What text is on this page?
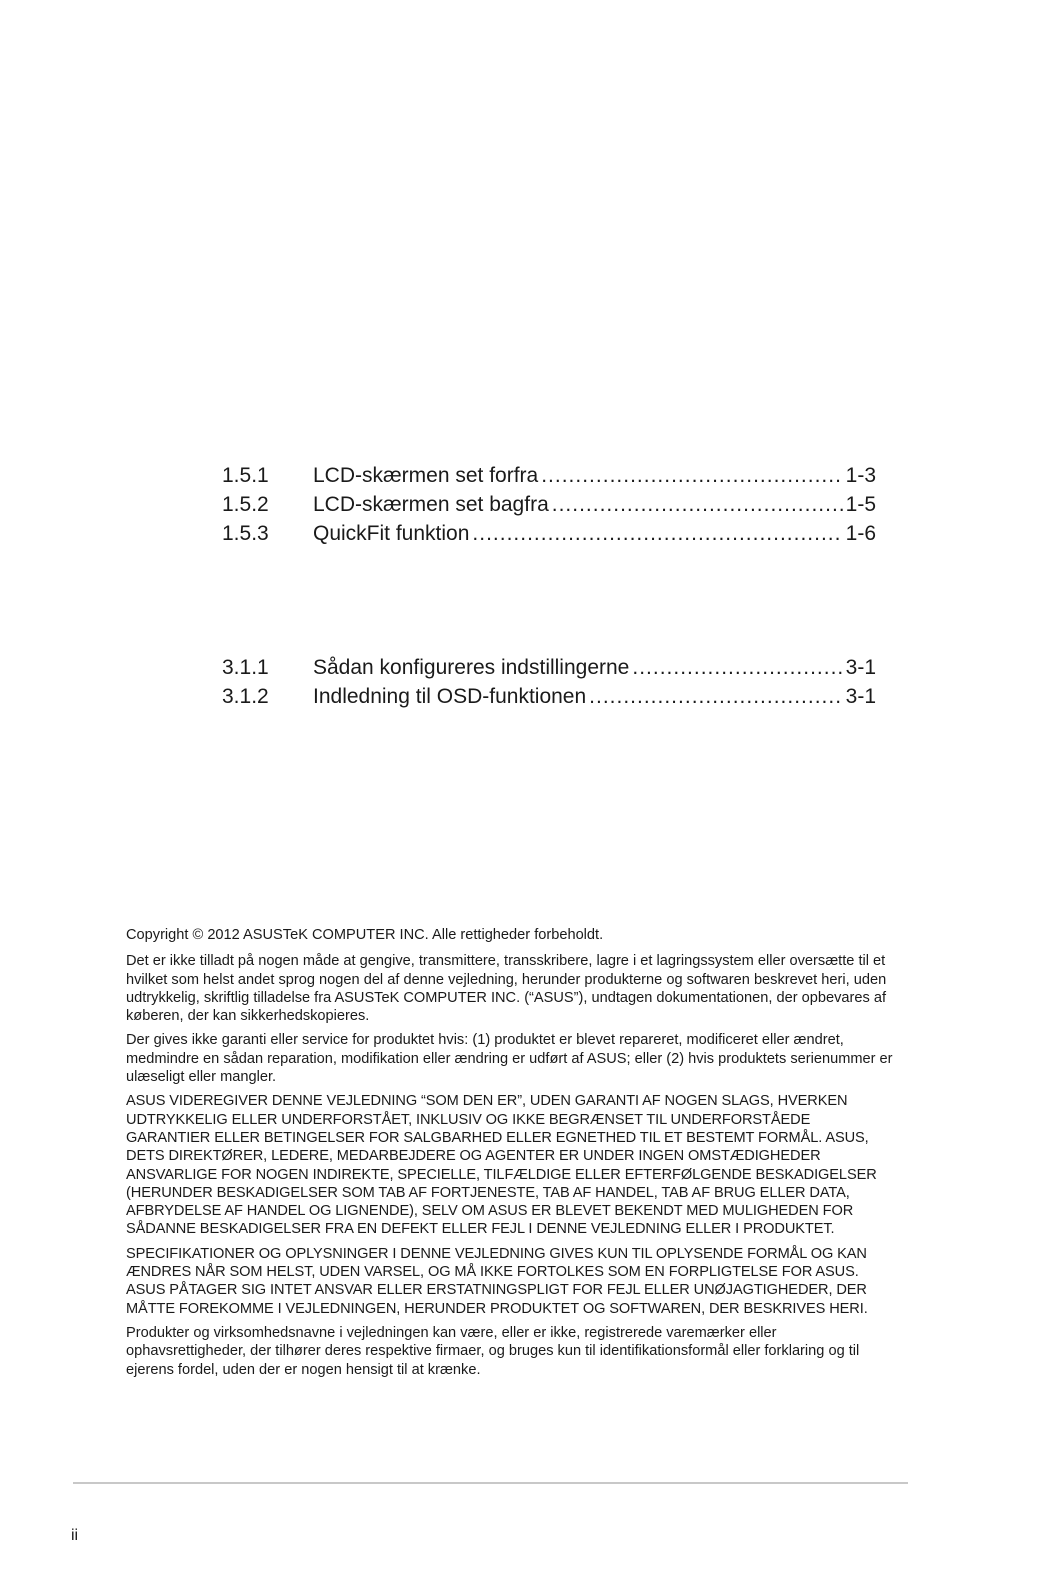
1.5.1	LCD-skærmen set forfra .....	1-3
1.5.2	LCD-skærmen set bagfra .....	1-5
1.5.3	QuickFit funktion .....	1-6
3.1.1	Sådan konfigureres indstillingerne .....	3-1
3.1.2	Indledning til OSD-funktionen .....	3-1

Copyright © 2012 ASUSTeK COMPUTER INC. Alle rettigheder forbeholdt.

Det er ikke tilladt på nogen måde at gengive, transmittere, transskribere, lagre i et lagringssystem eller oversætte til et hvilket som helst andet sprog nogen del af denne vejledning, herunder produkterne og softwaren beskrevet heri, uden udtrykkelig, skriftlig tilladelse fra ASUSTeK COMPUTER INC. (“ASUS”), undtagen dokumentationen, der opbevares af køberen, der kan sikkerhedskopieres.

Der gives ikke garanti eller service for produktet hvis: (1) produktet er blevet repareret, modificeret eller ændret, medmindre en sådan reparation, modifikation eller ændring er udført af ASUS; eller (2) hvis produktets serienummer er ulæseligt eller mangler.

ASUS VIDEREGIVER DENNE VEJLEDNING “SOM DEN ER”, UDEN GARANTI AF NOGEN SLAGS, HVERKEN UDTRYKKELIG ELLER UNDERFORSTÅET, INKLUSIV OG IKKE BEGRÆNSET TIL UNDERFORSTÅEDE GARANTIER ELLER BETINGELSER FOR SALGBARHED ELLER EGNETHED TIL ET BESTEMT FORMÅL. ASUS, DETS DIREKTØRER, LEDERE, MEDARBEJDERE OG AGENTER ER UNDER INGEN OMSTÆDIGHEDER ANSVARLIGE FOR NOGEN INDIREKTE, SPECIELLE, TILFÆLDIGE ELLER EFTERFØLGENDE BESKADIGELSER (HERUNDER BESKADIGELSER SOM TAB AF FORTJENESTE, TAB AF HANDEL, TAB AF BRUG ELLER DATA, AFBRYDELSE AF HANDEL OG LIGNENDE), SELV OM ASUS ER BLEVET BEKENDT MED MULIGHEDEN FOR SÅDANNE BESKADIGELSER FRA EN DEFEKT ELLER FEJL I DENNE VEJLEDNING ELLER I PRODUKTET.

SPECIFIKATIONER OG OPLYSNINGER I DENNE VEJLEDNING GIVES KUN TIL OPLYSENDE FORMÅL OG KAN ÆNDRES NÅR SOM HELST, UDEN VARSEL, OG MÅ IKKE FORTOLKES SOM EN FORPLIGTELSE FOR ASUS. ASUS PÅTAGER SIG INTET ANSVAR ELLER ERSTATNINGSPLIGT FOR FEJL ELLER UNØJAGTIGHEDER, DER MÅTTE FOREKOMME I VEJLEDNINGEN, HERUNDER PRODUKTET OG SOFTWAREN, DER BESKRIVES HERI.

Produkter og virksomhedsnavne i vejledningen kan være, eller er ikke, registrerede varemærker eller ophavsrettigheder, der tilhører deres respektive firmaer, og bruges kun til identifikationsformål eller forklaring og til ejerens fordel, uden der er nogen hensigt til at krænke.

ii
